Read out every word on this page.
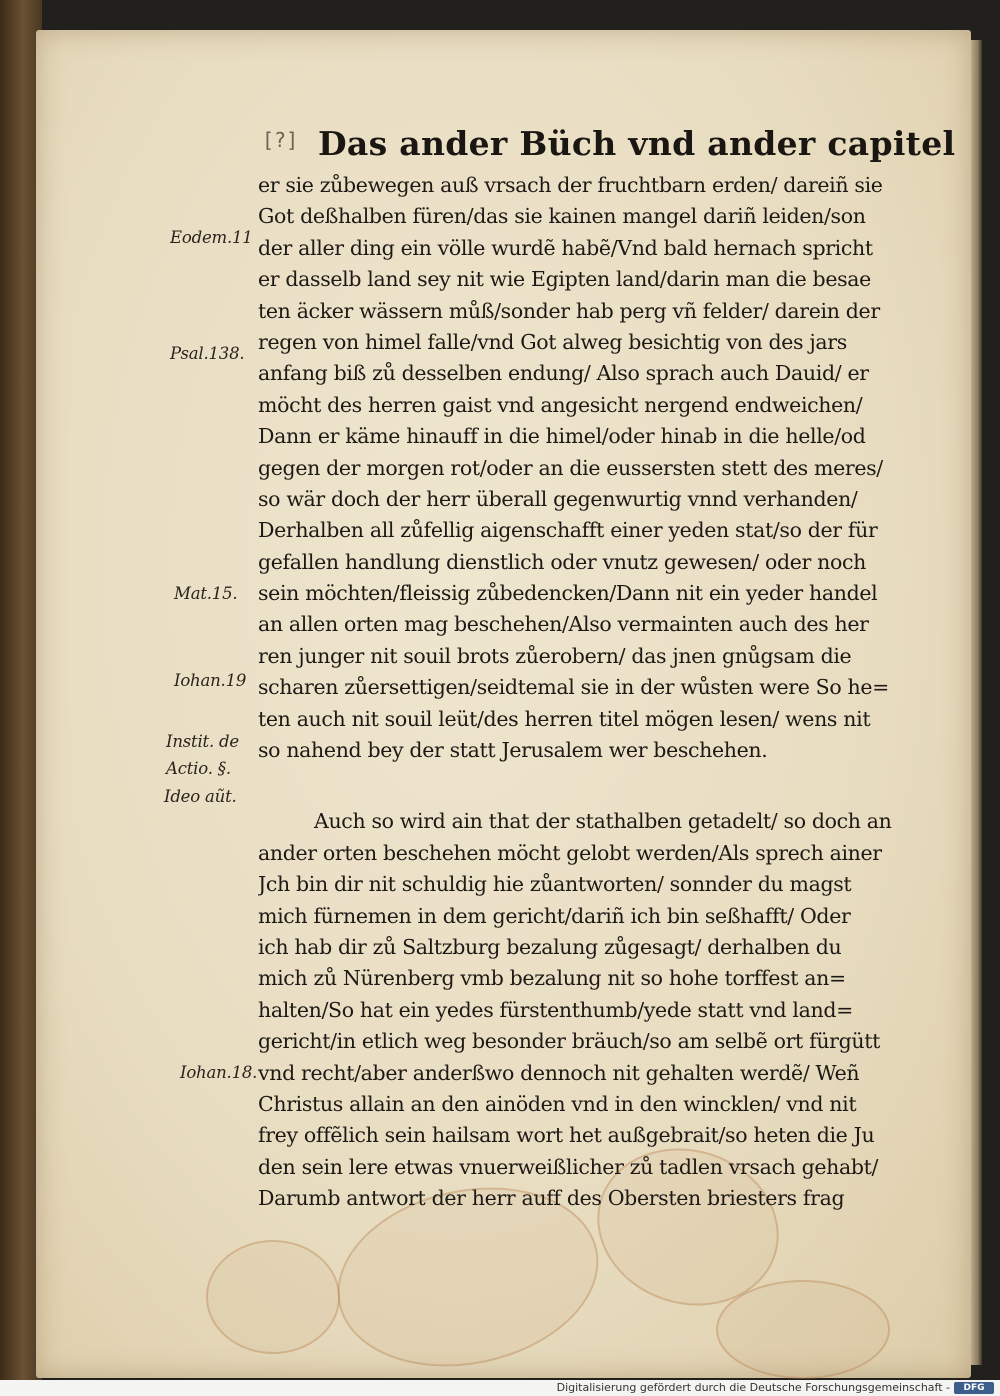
[?] Das ander Büch vnd ander capitel
er sie zůbewegen auß vrsach der fruchtbarn erden/ dareiñ sie
Got deßhalben füren/das sie kainen mangel dariñ leiden/son
der aller ding ein völle wurdẽ habẽ/Vnd bald hernach spricht
er dasselb land sey nit wie Egipten land/darin man die besae
ten äcker wässern můß/sonder hab perg vñ felder/ darein der
regen von himel falle/vnd Got alweg besichtig von des jars
anfang biß zů desselben endung/ Also sprach auch Dauid/ er
möcht des herren gaist vnd angesicht nergend endweichen/
Dann er käme hinauff in die himel/oder hinab in die helle/od
gegen der morgen rot/oder an die eussersten stett des meres/
so wär doch der herr überall gegenwurtig vnnd verhanden/
Derhalben all zůfellig aigenschafft einer yeden stat/so der für
gefallen handlung dienstlich oder vnutz gewesen/ oder noch
sein möchten/fleissig zůbedencken/Dann nit ein yeder handel
an allen orten mag beschehen/Also vermainten auch des her
ren junger nit souil brots zůerobern/ das jnen gnůgsam die
scharen zůersettigen/seidtemal sie in der wůsten were So he=
ten auch nit souil leüt/des herren titel mögen lesen/ wens nit
so nahend bey der statt Jerusalem wer beschehen.
Auch so wird ain that der stathalben getadelt/ so doch an
ander orten beschehen möcht gelobt werden/Als sprech ainer
Jch bin dir nit schuldig hie zůantworten/ sonnder du magst
mich fürnemen in dem gericht/dariñ ich bin seßhafft/ Oder
ich hab dir zů Saltzburg bezalung zůgesagt/ derhalben du
mich zů Nürenberg vmb bezalung nit so hohe torffest an=
halten/So hat ein yedes fürstenthumb/yede statt vnd land=
gericht/in etlich weg besonder bräuch/so am selbẽ ort fürgütt
vnd recht/aber anderßwo dennoch nit gehalten werdẽ/ Weñ
Christus allain an den ainöden vnd in den wincklen/ vnd nit
frey offẽlich sein hailsam wort het außgebrait/so heten die Ju
den sein lere etwas vnuerweißlicher zů tadlen vrsach gehabt/
Darumb antwort der herr auff des Obersten briesters frag
Eodem.11
Psal.138.
Mat.15.
Iohan.19
Instit. de
Actio. §.
Ideo aũt.
Iohan.18.
Digitalisierung gefördert durch die Deutsche Forschungsgemeinschaft -	DFG
